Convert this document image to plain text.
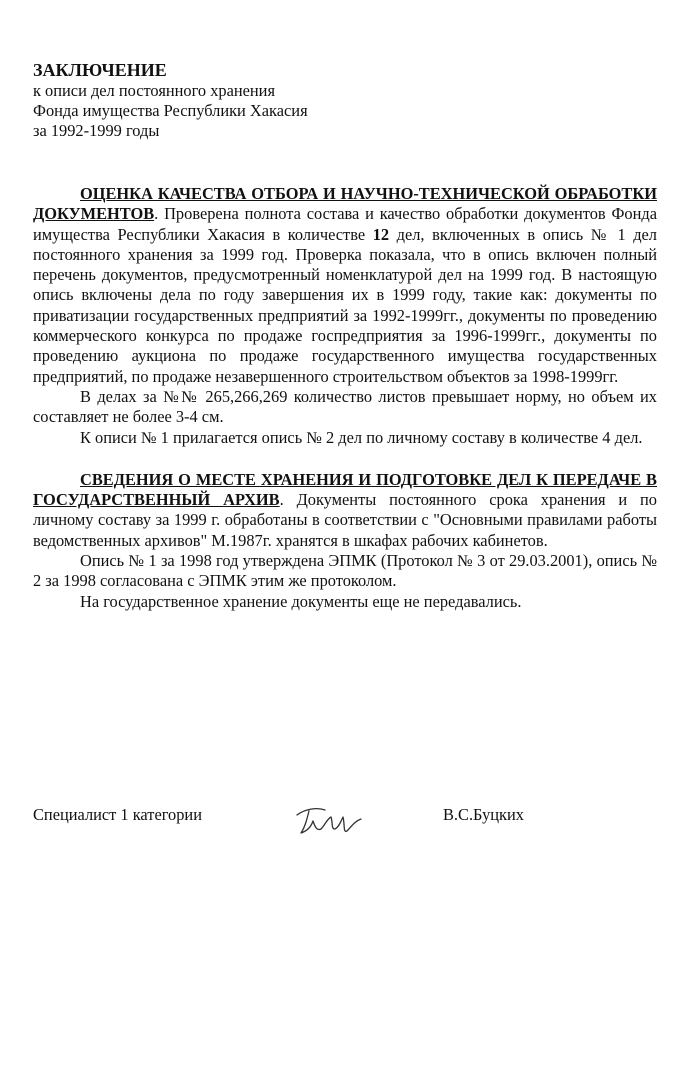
ЗАКЛЮЧЕНИЕ
к описи дел постоянного хранения
Фонда имущества Республики Хакасия
за 1992-1999 годы

ОЦЕНКА КАЧЕСТВА ОТБОРА И НАУЧНО-ТЕХНИЧЕСКОЙ ОБРАБОТКИ ДОКУМЕНТОВ. Проверена полнота состава и качество обработки документов Фонда имущества Республики Хакасия в количестве 12 дел, включенных в опись № 1 дел постоянного хранения за 1999 год. Проверка показала, что в опись включен полный перечень документов, предусмотренный номенклатурой дел на 1999 год. В настоящую опись включены дела по году завершения их в 1999 году, такие как: документы по приватизации государственных предприятий за 1992-1999гг., документы по проведению коммерческого конкурса по продаже госпредприятия за 1996-1999гг., документы по проведению аукциона по продаже государственного имущества государственных предприятий, по продаже незавершенного строительством объектов за 1998-1999гг.

В делах за №№ 265,266,269 количество листов превышает норму, но объем их составляет не более 3-4 см.

К описи № 1 прилагается опись № 2 дел по личному составу в количестве 4 дел.

СВЕДЕНИЯ О МЕСТЕ ХРАНЕНИЯ И ПОДГОТОВКЕ ДЕЛ К ПЕРЕДАЧЕ В ГОСУДАРСТВЕННЫЙ АРХИВ. Документы постоянного срока хранения и по личному составу за 1999 г. обработаны в соответствии с "Основными правилами работы ведомственных архивов" М.1987г. хранятся в шкафах рабочих кабинетов.

Опись № 1 за 1998 год утверждена ЭПМК (Протокол № 3 от 29.03.2001), опись № 2 за 1998 согласована с ЭПМК этим же протоколом.

На государственное хранение документы еще не передавались.

Специалист 1 категории	В.С.Буцких
